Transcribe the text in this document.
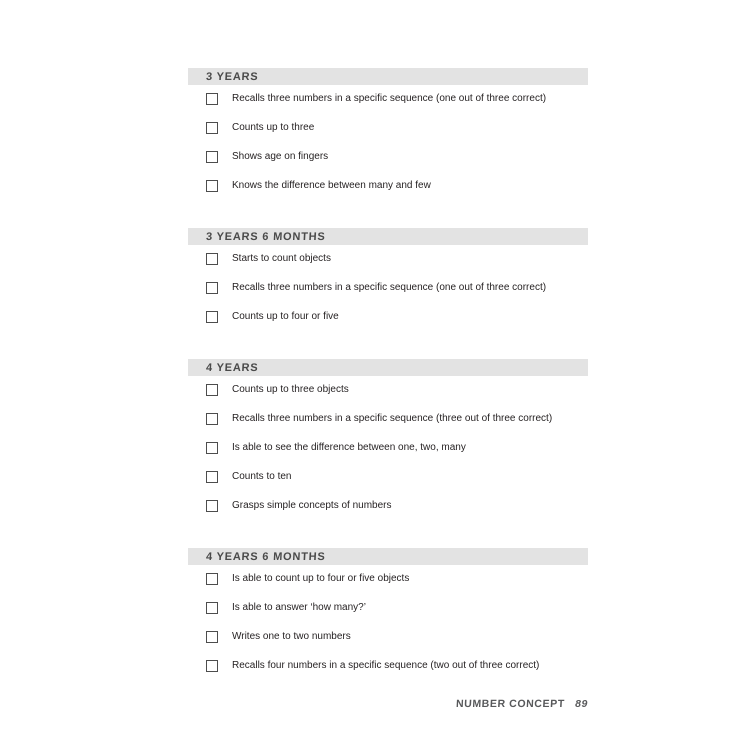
3 YEARS
Recalls three numbers in a specific sequence (one out of three correct)
Counts up to three
Shows age on fingers
Knows the difference between many and few
3 YEARS 6 MONTHS
Starts to count objects
Recalls three numbers in a specific sequence (one out of three correct)
Counts up to four or five
4 YEARS
Counts up to three objects
Recalls three numbers in a specific sequence (three out of three correct)
Is able to see the difference between one, two, many
Counts to ten
Grasps simple concepts of numbers
4 YEARS 6 MONTHS
Is able to count up to four or five objects
Is able to answer ‘how many?’
Writes one to two numbers
Recalls four numbers in a specific sequence (two out of three correct)
NUMBER CONCEPT 89
